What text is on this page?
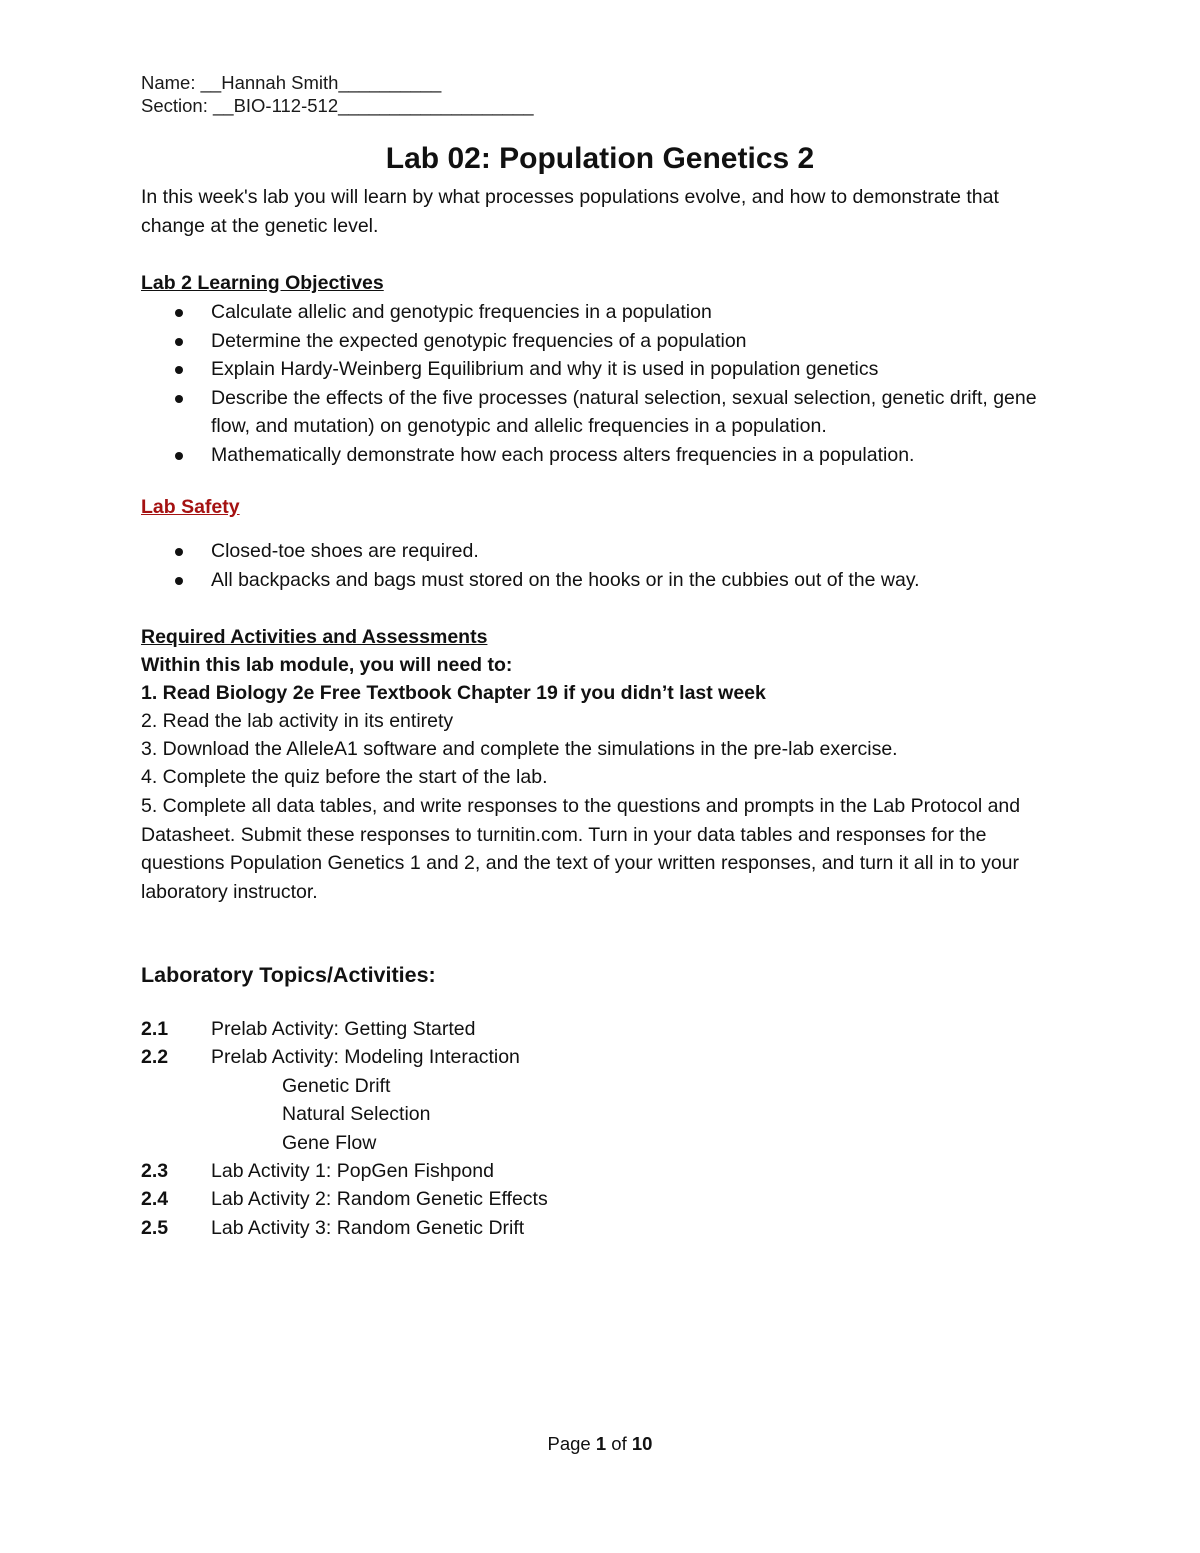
Name: __Hannah Smith__________
Section: __BIO-112-512___________________
Lab 02: Population Genetics 2
In this week's lab you will learn by what processes populations evolve, and how to demonstrate that change at the genetic level.
Lab 2 Learning Objectives
Calculate allelic and genotypic frequencies in a population
Determine the expected genotypic frequencies of a population
Explain Hardy-Weinberg Equilibrium and why it is used in population genetics
Describe the effects of the five processes (natural selection, sexual selection, genetic drift, gene flow, and mutation) on genotypic and allelic frequencies in a population.
Mathematically demonstrate how each process alters frequencies in a population.
Lab Safety
Closed-toe shoes are required.
All backpacks and bags must stored on the hooks or in the cubbies out of the way.
Required Activities and Assessments
Within this lab module, you will need to:
1. Read Biology 2e Free Textbook Chapter 19 if you didn’t last week
2. Read the lab activity in its entirety
3. Download the AlleleA1 software and complete the simulations in the pre-lab exercise.
4. Complete the quiz before the start of the lab.
5. Complete all data tables, and write responses to the questions and prompts in the Lab Protocol and Datasheet. Submit these responses to turnitin.com. Turn in your data tables and responses for the questions Population Genetics 1 and 2, and the text of your written responses, and turn it all in to your laboratory instructor.
Laboratory Topics/Activities:
2.1 Prelab Activity: Getting Started
2.2 Prelab Activity: Modeling Interaction
Genetic Drift
Natural Selection
Gene Flow
2.3 Lab Activity 1: PopGen Fishpond
2.4 Lab Activity 2: Random Genetic Effects
2.5 Lab Activity 3: Random Genetic Drift
Page 1 of 10
